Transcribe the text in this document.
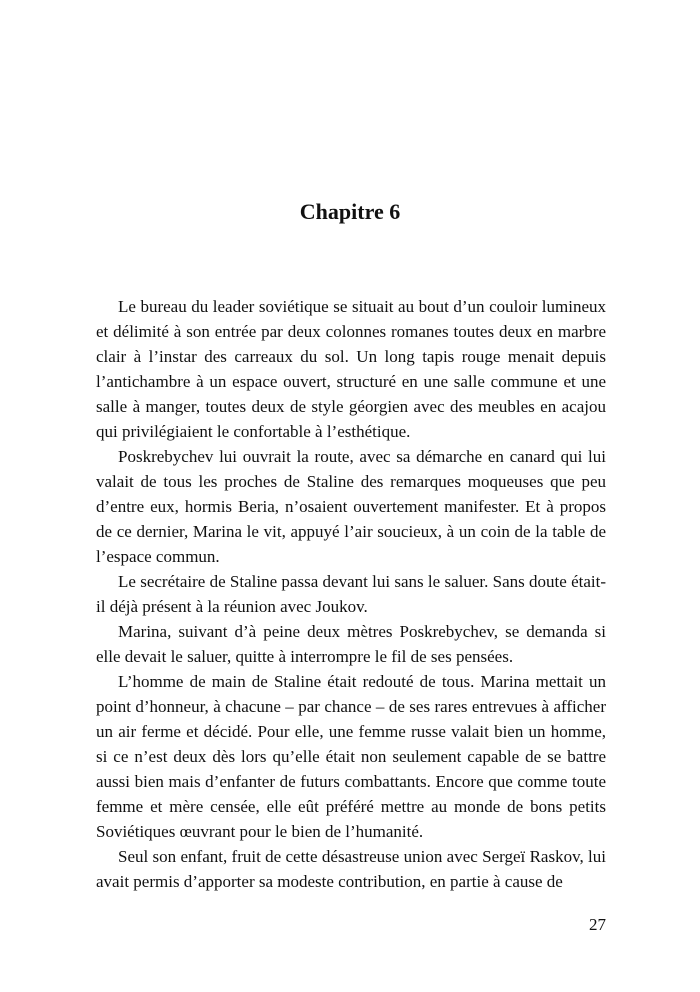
Chapitre 6

Le bureau du leader soviétique se situait au bout d’un couloir lumineux et délimité à son entrée par deux colonnes romanes toutes deux en marbre clair à l’instar des carreaux du sol. Un long tapis rouge menait depuis l’antichambre à un espace ouvert, structuré en une salle commune et une salle à manger, toutes deux de style géorgien avec des meubles en acajou qui privilégiaient le confortable à l’esthétique.

Poskrebychev lui ouvrait la route, avec sa démarche en canard qui lui valait de tous les proches de Staline des remarques moqueuses que peu d’entre eux, hormis Beria, n’osaient ouvertement manifester. Et à propos de ce dernier, Marina le vit, appuyé l’air soucieux, à un coin de la table de l’espace commun.

Le secrétaire de Staline passa devant lui sans le saluer. Sans doute était-il déjà présent à la réunion avec Joukov.

Marina, suivant d’à peine deux mètres Poskrebychev, se demanda si elle devait le saluer, quitte à interrompre le fil de ses pensées.

L’homme de main de Staline était redouté de tous. Marina mettait un point d’honneur, à chacune – par chance – de ses rares entrevues à afficher un air ferme et décidé. Pour elle, une femme russe valait bien un homme, si ce n’est deux dès lors qu’elle était non seulement capable de se battre aussi bien mais d’enfanter de futurs combattants. Encore que comme toute femme et mère censée, elle eût préféré mettre au monde de bons petits Soviétiques œuvrant pour le bien de l’humanité.

Seul son enfant, fruit de cette désastreuse union avec Sergeï Raskov, lui avait permis d’apporter sa modeste contribution, en partie à cause de

27
